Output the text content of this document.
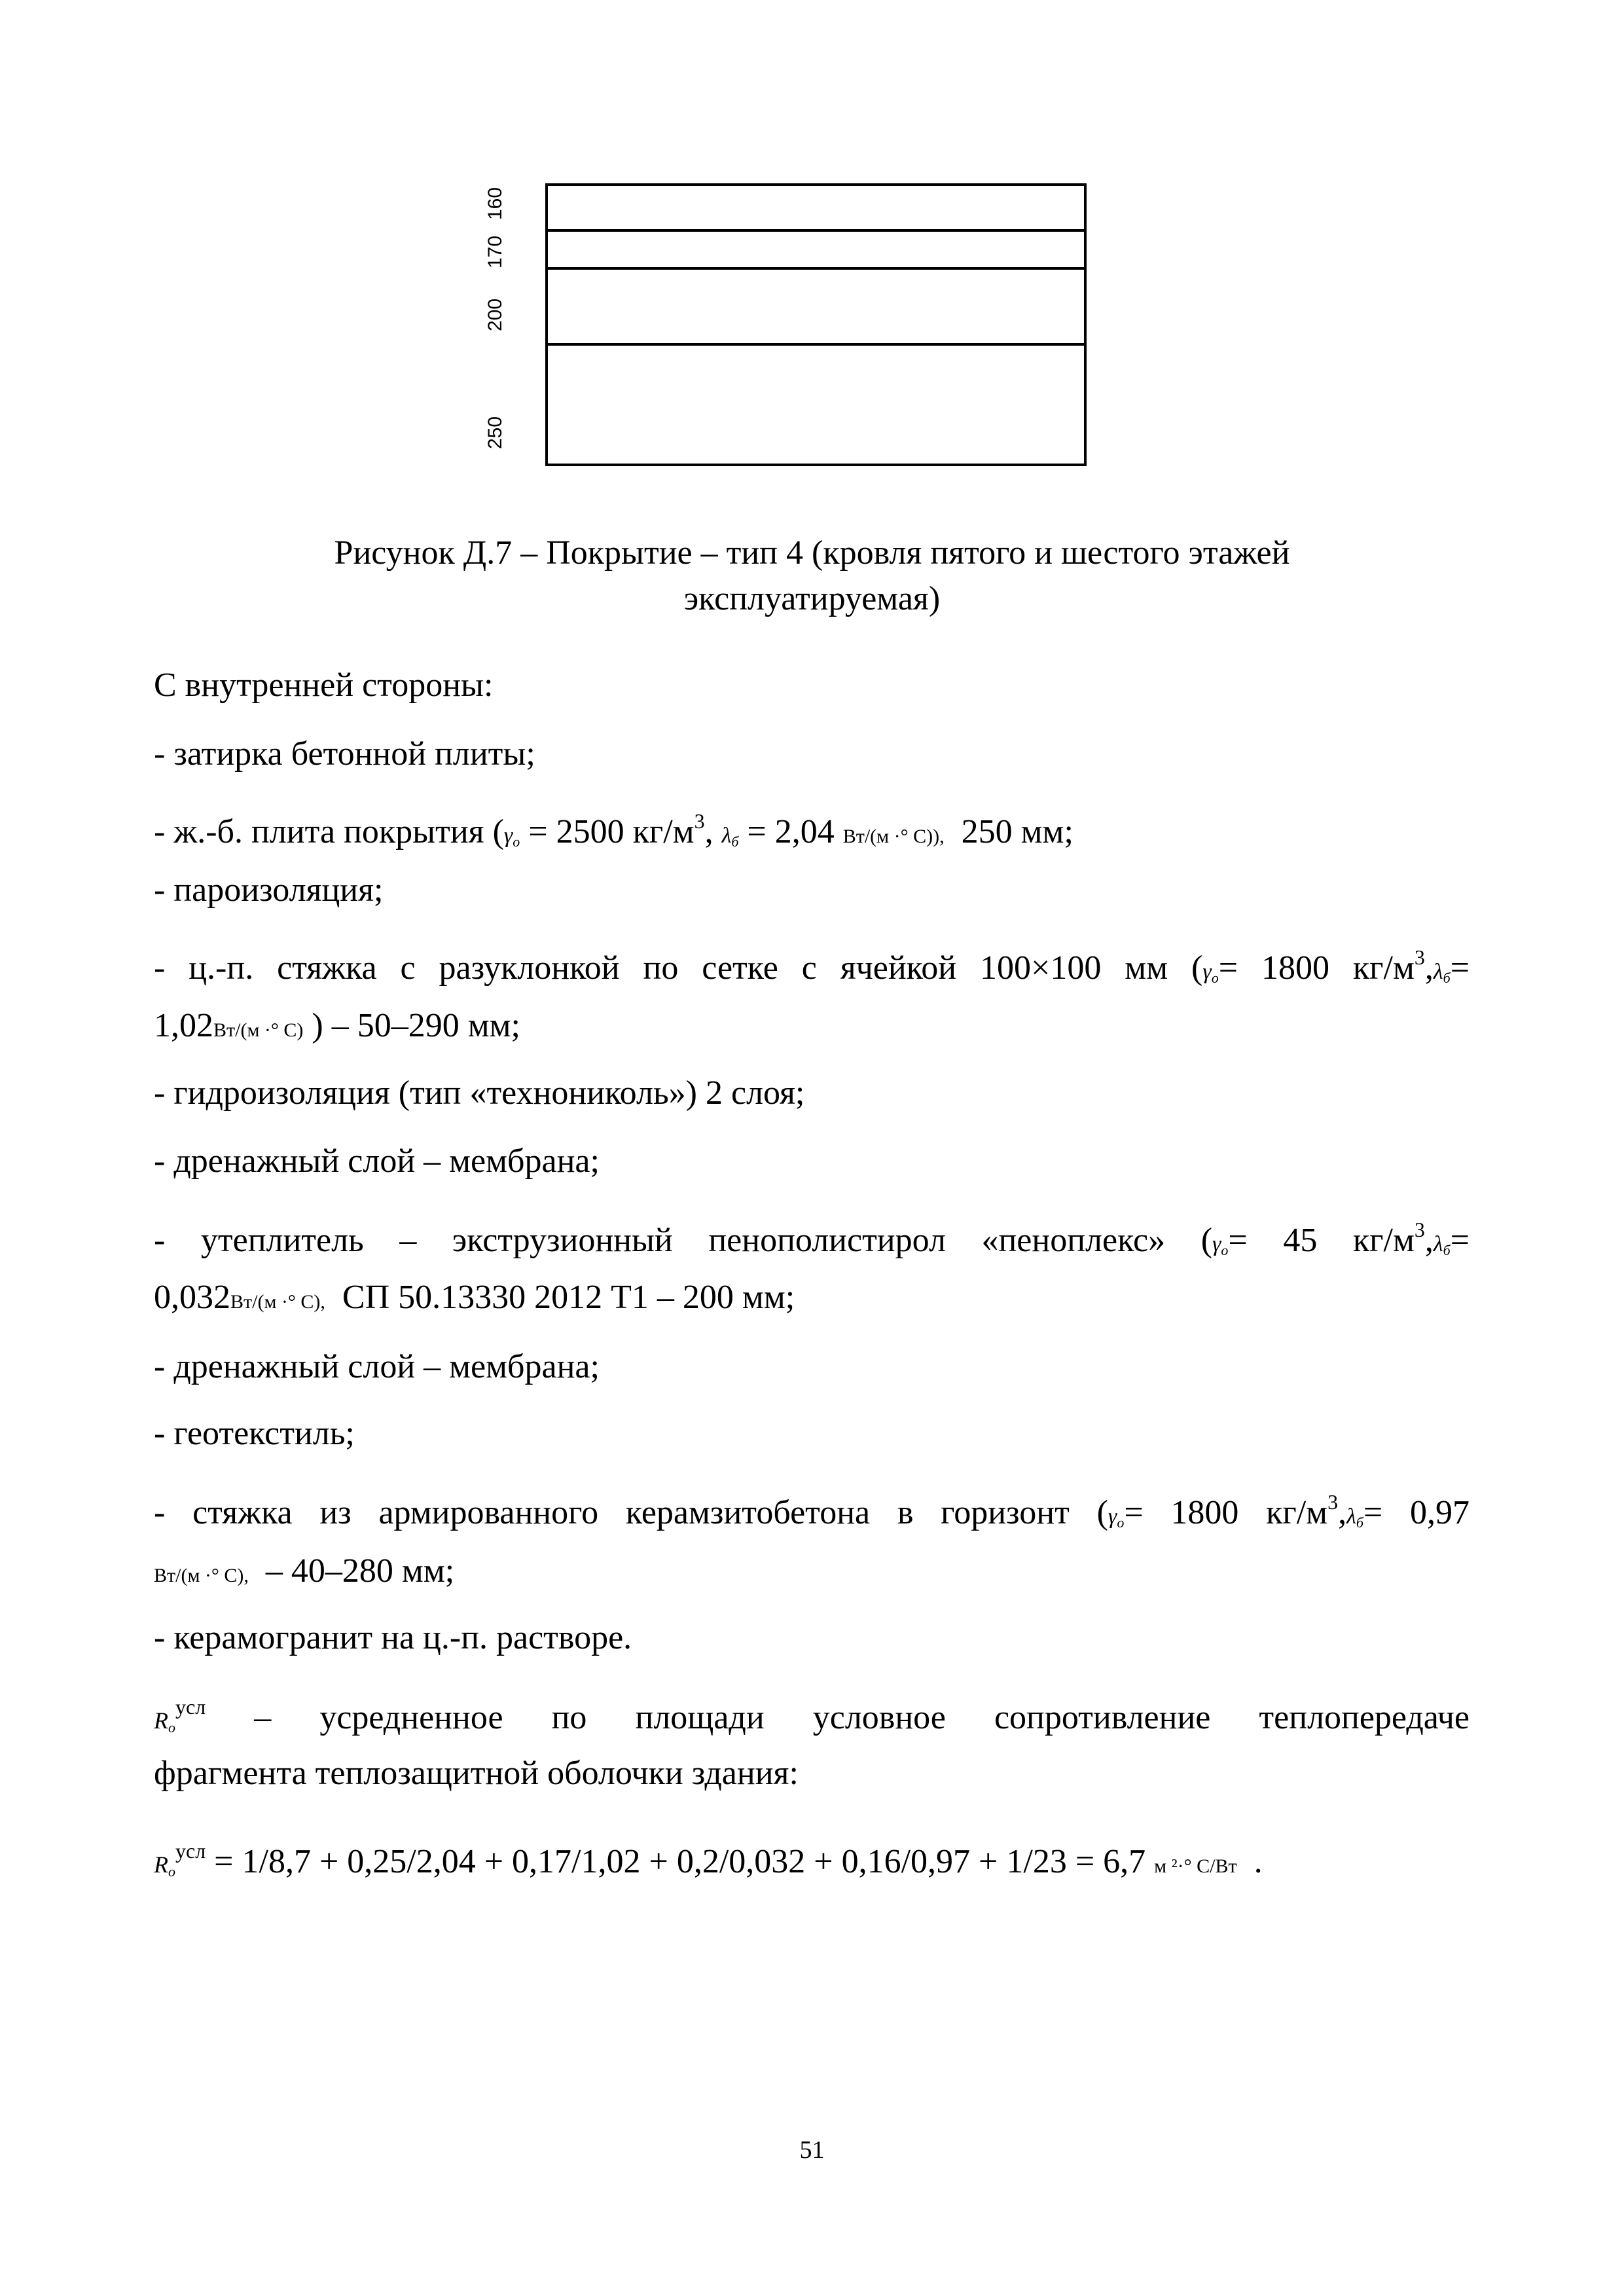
160
170
200
250
Рисунок Д.7 – Покрытие – тип 4 (кровля пятого и шестого этажей
эксплуатируемая)
С внутренней стороны:
- затирка бетонной плиты;
- ж.-б. плита покрытия ($\gamma_о = 2500$ $кг/м^3$, $\lambda_б = 2,04$ Вт/(м ·° С)), 250 мм;
- пароизоляция;
- ц.-п. стяжка с разуклонкой по сетке с ячейкой 100×100 мм ($\gamma_о= 1800$ $кг/м^3,\lambda_б=$
1,02Вт/(м ·° С) ) – 50–290 мм;
- гидроизоляция (тип «технониколь») 2 слоя;
- дренажный слой – мембрана;
- утеплитель – экструзионный пенополистирол «пеноплекс» ($\gamma_о= 45$ $кг/м^3,\lambda_б=$
0,032Вт/(м ·° С), СП 50.13330 2012 Т1 – 200 мм;
- дренажный слой – мембрана;
- геотекстиль;
- стяжка из армированного керамзитобетона в горизонт ($\gamma_о= 1800$ $кг/м^3,\lambda_б= 0,97$
Вт/(м ·° С), – 40–280 мм;
- керамогранит на ц.-п. растворе.
$R_о^{усл}$ – усредненное по площади условное сопротивление теплопередаче
фрагмента теплозащитной оболочки здания:
$R_о^{усл} = 1/8,7 + 0,25/2,04 + 0,17/1,02 + 0,2/0,032 + 0,16/0,97 + 1/23 = 6,7$ м ²·° С/Вт .
51
